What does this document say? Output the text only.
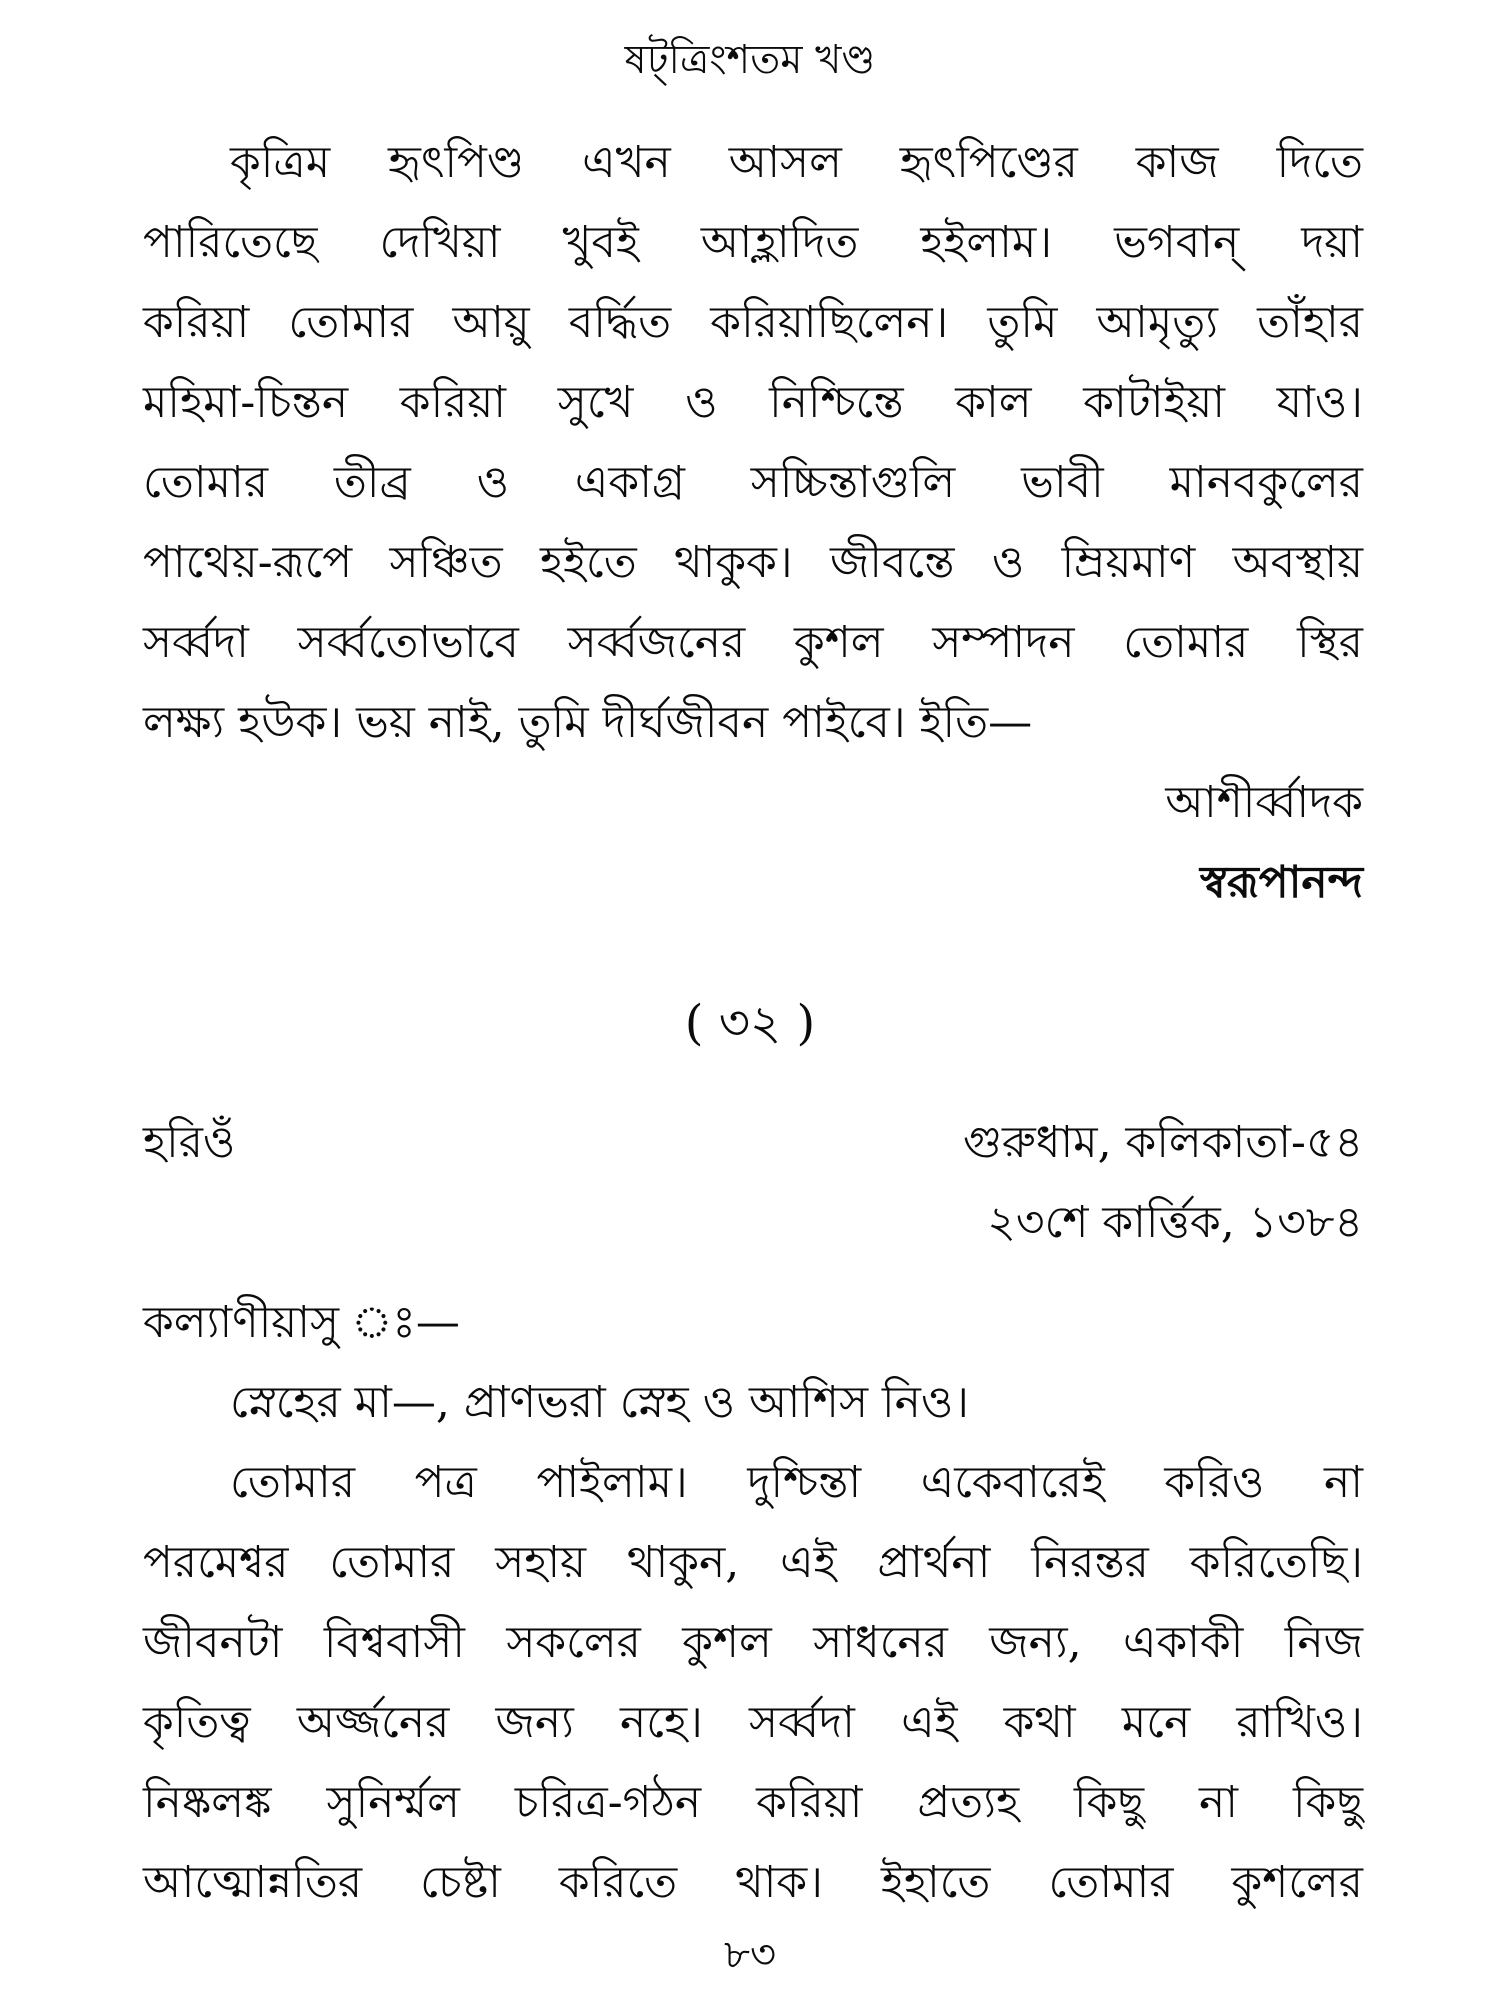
ষট্‌ত্রিংশতম খণ্ড
কৃত্রিম হৃৎপিণ্ড এখন আসল হৃৎপিণ্ডের কাজ দিতে
পারিতেছে দেখিয়া খুবই আহ্লাদিত হইলাম। ভগবান্ দয়া
করিয়া তোমার আয়ু বর্দ্ধিত করিয়াছিলেন। তুমি আমৃত্যু তাঁহার
মহিমা-চিন্তন করিয়া সুখে ও নিশ্চিন্তে কাল কাটাইয়া যাও।
তোমার তীব্র ও একাগ্র সচ্চিন্তাগুলি ভাবী মানবকুলের
পাথেয়-রূপে সঞ্চিত হইতে থাকুক। জীবন্তে ও ম্রিয়মাণ অবস্থায়
সর্ব্বদা সর্ব্বতোভাবে সর্ব্বজনের কুশল সম্পাদন তোমার স্থির
লক্ষ্য হউক। ভয় নাই, তুমি দীর্ঘজীবন পাইবে। ইতি—
আশীর্ব্বাদক
স্বরূপানন্দ
( ৩২ )
হরিওঁ	গুরুধাম, কলিকাতা-৫৪
২৩শে কার্ত্তিক, ১৩৮৪
কল্যাণীয়াসু ঃ—
স্নেহের মা—, প্রাণভরা স্নেহ ও আশিস নিও।
তোমার পত্র পাইলাম। দুশ্চিন্তা একেবারেই করিও না
পরমেশ্বর তোমার সহায় থাকুন, এই প্রার্থনা নিরন্তর করিতেছি।
জীবনটা বিশ্ববাসী সকলের কুশল সাধনের জন্য, একাকী নিজ
কৃতিত্ব অর্জ্জনের জন্য নহে। সর্ব্বদা এই কথা মনে রাখিও।
নিষ্কলঙ্ক সুনির্ম্মল চরিত্র-গঠন করিয়া প্রত্যহ কিছু না কিছু
আত্মোন্নতির চেষ্টা করিতে থাক। ইহাতে তোমার কুশলের
৮৩
